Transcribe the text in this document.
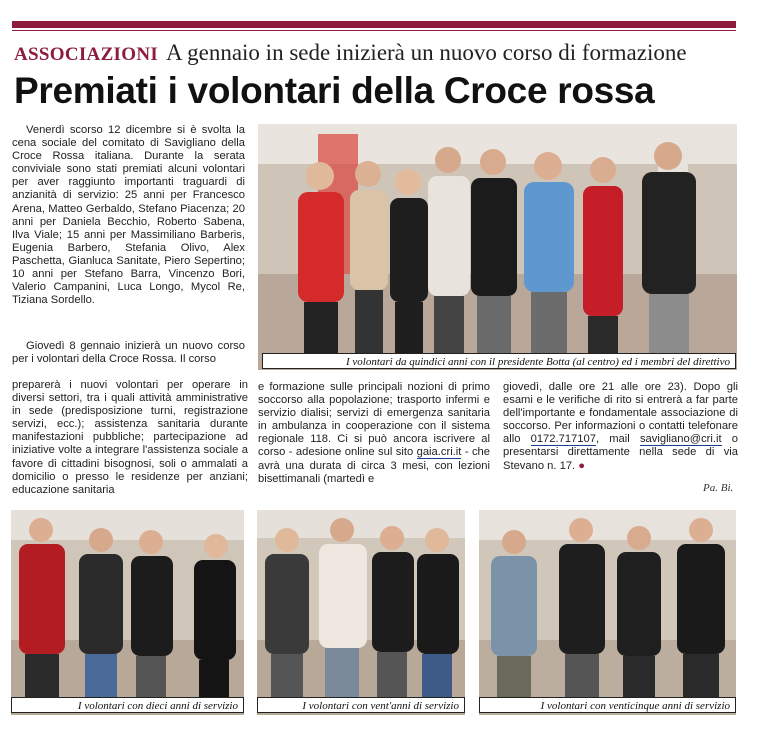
ASSOCIAZIONI A gennaio in sede inizierà un nuovo corso di formazione
Premiati i volontari della Croce rossa

Venerdì scorso 12 dicembre si è svolta la cena sociale del comitato di Savigliano della Croce Rossa italiana. Durante la serata conviviale sono stati premiati alcuni volontari per aver raggiunto importanti traguardi di anzianità di servizio: 25 anni per Francesco Arena, Matteo Gerbaldo, Stefano Piacenza; 20 anni per Daniela Becchio, Roberto Sabena, Ilva Viale; 15 anni per Massimiliano Barberis, Eugenia Barbero, Stefania Olivo, Alex Paschetta, Gianluca Sanitate, Piero Sepertino; 10 anni per Stefano Barra, Vincenzo Bori, Valerio Campanini, Luca Longo, Mycol Re, Tiziana Sordello.

Giovedì 8 gennaio inizierà un nuovo corso per i volontari della Croce Rossa. Il corso

preparerà i nuovi volontari per operare in diversi settori, tra i quali attività amministrative in sede (predisposizione turni, registrazione servizi, ecc.); assistenza sanitaria durante manifestazioni pubbliche; partecipazione ad iniziative volte a integrare l'assistenza sociale a favore di cittadini bisognosi, soli o ammalati a domicilio o presso le residenze per anziani; educazione sanitaria

e formazione sulle principali nozioni di primo soccorso alla popolazione; trasporto infermi e servizio dialisi; servizi di emergenza sanitaria in ambulanza in cooperazione con il sistema regionale 118. Ci si può ancora iscrivere al corso - adesione online sul sito gaia.cri.it - che avrà una durata di circa 3 mesi, con lezioni bisettimanali (martedì e

giovedì, dalle ore 21 alle ore 23). Dopo gli esami e le verifiche di rito si entrerà a far parte dell'importante e fondamentale associazione di soccorso. Per informazioni o contatti telefonare allo 0172.717107, mail savigliano@cri.it o presentarsi direttamente nella sede di via Stevano n. 17. ●

Pa. Bi.
I volontari da quindici anni con il presidente Botta (al centro) ed i membri del direttivo
I volontari con dieci anni di servizio	I volontari con vent'anni di servizio	I volontari con venticinque anni di servizio
